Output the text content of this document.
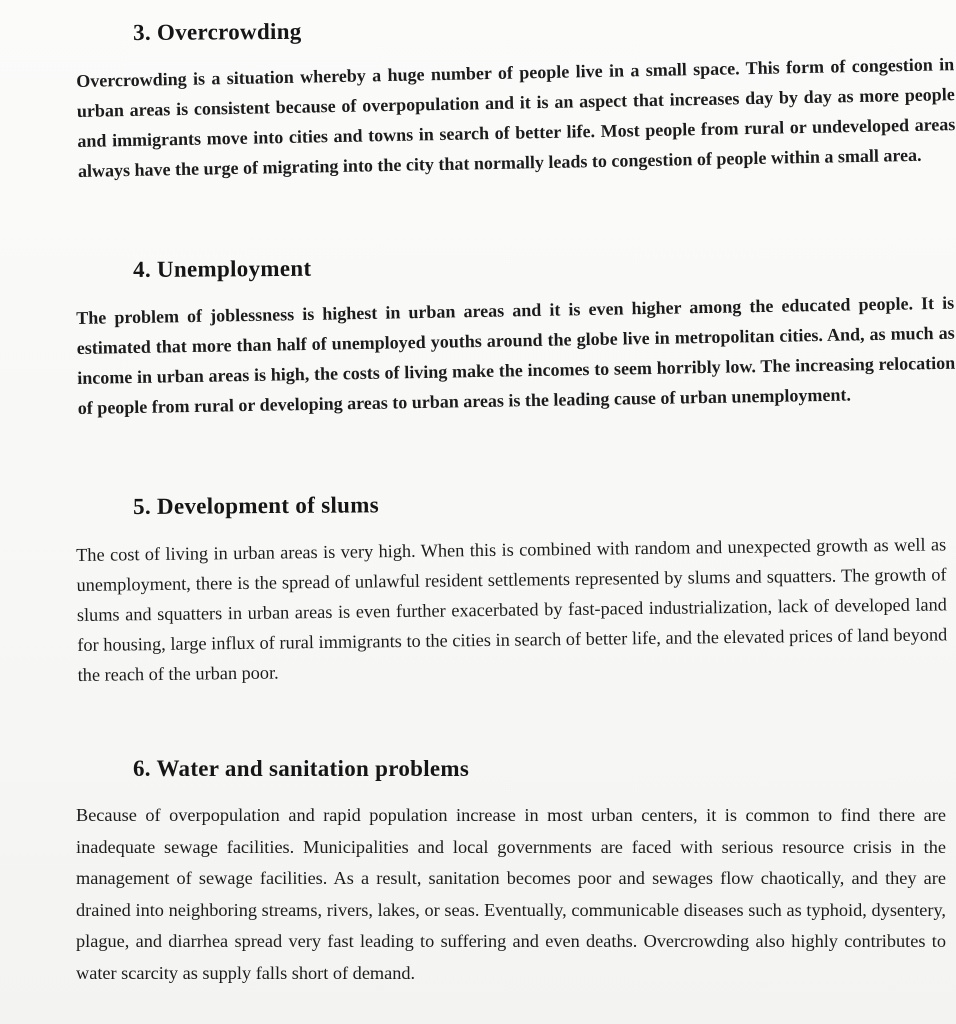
3. Overcrowding
Overcrowding is a situation whereby a huge number of people live in a small space. This form of congestion in urban areas is consistent because of overpopulation and it is an aspect that increases day by day as more people and immigrants move into cities and towns in search of better life. Most people from rural or undeveloped areas always have the urge of migrating into the city that normally leads to congestion of people within a small area.
4. Unemployment
The problem of joblessness is highest in urban areas and it is even higher among the educated people. It is estimated that more than half of unemployed youths around the globe live in metropolitan cities. And, as much as income in urban areas is high, the costs of living make the incomes to seem horribly low. The increasing relocation of people from rural or developing areas to urban areas is the leading cause of urban unemployment.
5. Development of slums
The cost of living in urban areas is very high. When this is combined with random and unexpected growth as well as unemployment, there is the spread of unlawful resident settlements represented by slums and squatters. The growth of slums and squatters in urban areas is even further exacerbated by fast-paced industrialization, lack of developed land for housing, large influx of rural immigrants to the cities in search of better life, and the elevated prices of land beyond the reach of the urban poor.
6. Water and sanitation problems
Because of overpopulation and rapid population increase in most urban centers, it is common to find there are inadequate sewage facilities. Municipalities and local governments are faced with serious resource crisis in the management of sewage facilities. As a result, sanitation becomes poor and sewages flow chaotically, and they are drained into neighboring streams, rivers, lakes, or seas. Eventually, communicable diseases such as typhoid, dysentery, plague, and diarrhea spread very fast leading to suffering and even deaths. Overcrowding also highly contributes to water scarcity as supply falls short of demand.
